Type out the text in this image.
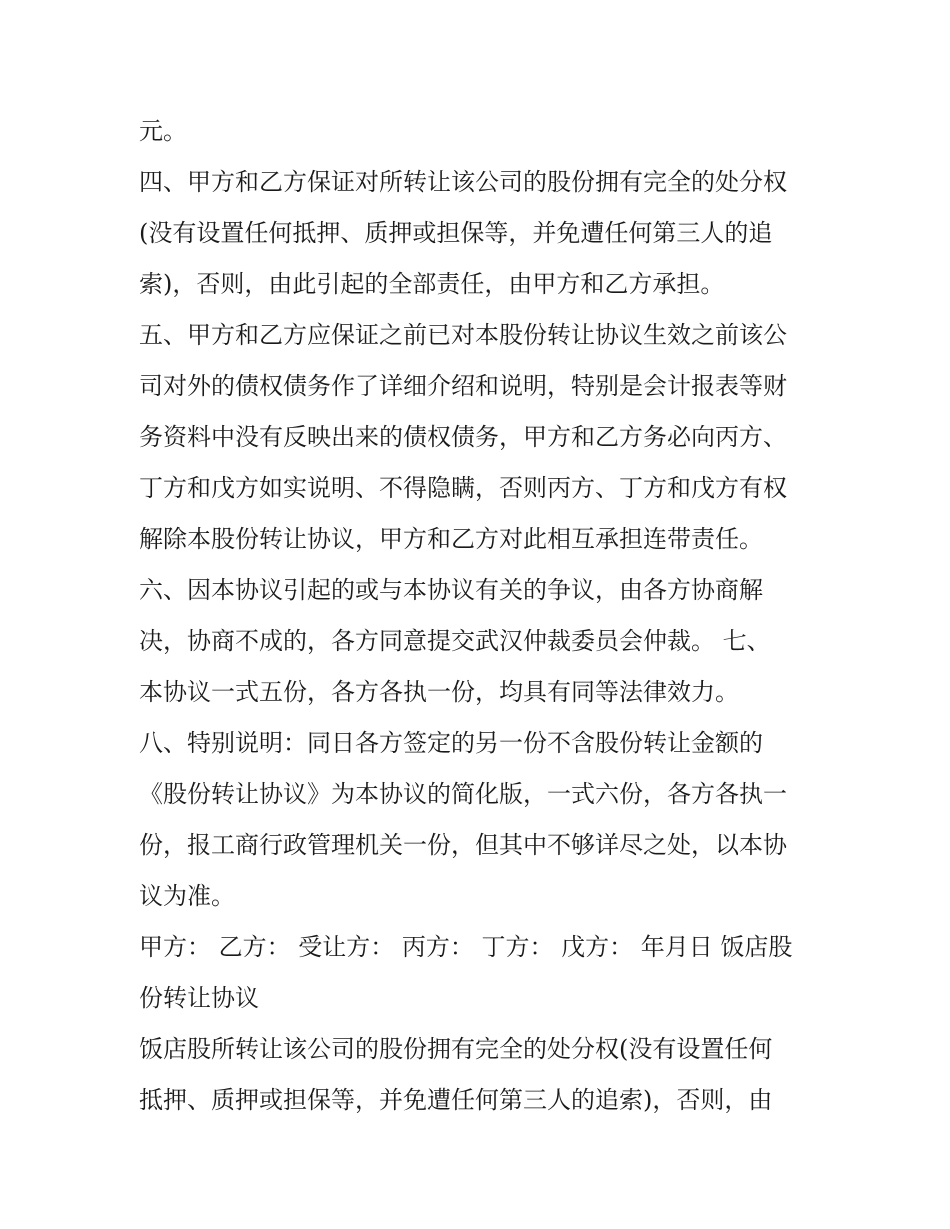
元。
四、甲方和乙方保证对所转让该公司的股份拥有完全的处分权
(没有设置任何抵押、质押或担保等，并免遭任何第三人的追
索)，否则，由此引起的全部责任，由甲方和乙方承担。
五、甲方和乙方应保证之前已对本股份转让协议生效之前该公
司对外的债权债务作了详细介绍和说明，特别是会计报表等财
务资料中没有反映出来的债权债务，甲方和乙方务必向丙方、
丁方和戊方如实说明、不得隐瞒，否则丙方、丁方和戊方有权
解除本股份转让协议，甲方和乙方对此相互承担连带责任。
六、因本协议引起的或与本协议有关的争议，由各方协商解
决，协商不成的，各方同意提交武汉仲裁委员会仲裁。 七、
本协议一式五份，各方各执一份，均具有同等法律效力。
八、特别说明：同日各方签定的另一份不含股份转让金额的
《股份转让协议》为本协议的简化版，一式六份，各方各执一
份，报工商行政管理机关一份，但其中不够详尽之处，以本协
议为准。
甲方： 乙方： 受让方： 丙方： 丁方： 戊方： 年月日 饭店股
份转让协议
饭店股所转让该公司的股份拥有完全的处分权(没有设置任何
抵押、质押或担保等，并免遭任何第三人的追索)，否则，由
